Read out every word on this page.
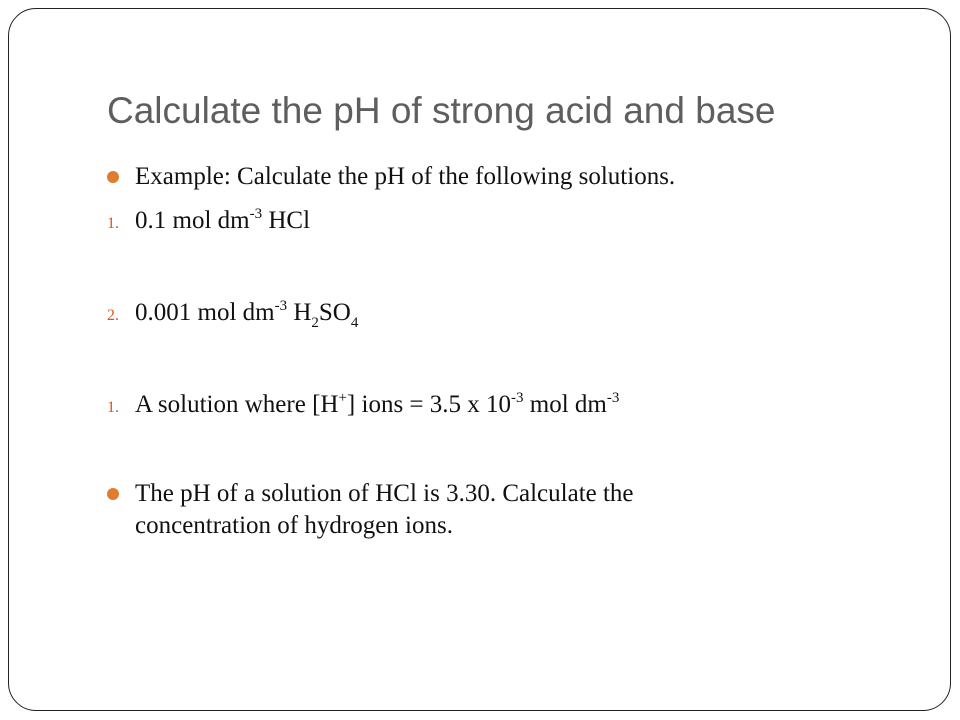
Calculate the pH of strong acid and base
Example: Calculate the pH of the following solutions.
1. 0.1 mol $dm^{-3}$ HCl
2. 0.001 mol $dm^{-3}$ $H_2SO_4$
1. A solution where [H+] ions = 3.5 x $10^{-3}$ mol $dm^{-3}$
The pH of a solution of HCl is 3.30. Calculate the
concentration of hydrogen ions.
